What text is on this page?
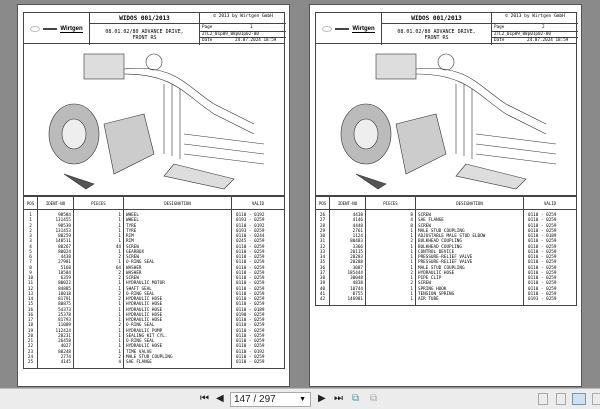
Wirtgen
WIDOS 001/2013
08.01.02/80 ADVANCE DRIVE,
FRONT RS
© 2013 by Wirtgen GmbH
Page	1
ZTL2_01p89_08p01p02-00
Date	24.07.2024 18:59
POS	IDENT-NO	PIECES	DESIGNATION	VALID
1	98584	1	WHEEL	0110 - 0192
1	131455	1	WHEEL	0193 - 0259
2	98539	1	TYRE	0110 - 0192
2	131453	1	TYRE	0193 - 0259
3	80259	1	RIM	0110 - 0244
3	148511	1	RIM	0245 - 0259
4	80267	44	SCREW	0110 - 0259
5	80024	1	GEARBOX	0110 - 0259
6	4438	2	SCREW	0110 - 0259
7	27981	1	O-RING SEAL	0110 - 0259
8	5168	64	WASHER	0110 - 0259
9	10584	2	WASHER	0110 - 0259
10	6359	2	SCREW	0110 - 0259
11	80022	1	HYDRAULIC MOTOR	0110 - 0259
12	84885	1	SHAFT SEAL	0110 - 0259
13	10018	2	O-RING SEAL	0110 - 0259
14	81791	2	HYDRAULIC HOSE	0110 - 0259
15	80875	1	HYDRAULIC HOSE	0110 - 0259
16	54373	1	HYDRAULIC HOSE	0110 - 0189
16	25378	1	HYDRAULIC HOSE	0190 - 0259
17	81793	1	HYDRAULIC HOSE	0110 - 0259
18	11089	2	O-RING SEAL	0110 - 0259
19	112424	1	HYDRAULIC PUMP	0110 - 0259
20	28231	1	SEALING KIT CYL.	0110 - 0259
21	26458	1	O-RING SEAL	0110 - 0259
22	4027	1	HYDRAULIC HOSE	0110 - 0259
23	80248	1	TIME VALVE	0110 - 0192
24	2774	2	MALE STUD COUPLING	0110 - 0259
25	4145	4	SAE FLANGE	0110 - 0259
Wirtgen
WIDOS 001/2013
08.01.02/80 ADVANCE DRIVE,
FRONT RS
© 2013 by Wirtgen GmbH
Page	2
ZTL2_01p89_08p01p02-00
Date	24.07.2024 18:59
POS	IDENT-NO	PIECES	DESIGNATION	VALID
26	4438	8	SCREW	0110 - 0259
27	4146	4	SAE FLANGE	0110 - 0259
28	4448	8	SCREW	0110 - 0259
29	2761	1	MALE STUD COUPLING	0110 - 0259
30	1124	1	ADJUSTABLE MALE STUD ELBOW	0110 - 0189
31	80483	2	BULKHEAD COUPLING	0110 - 0259
32	3366	1	BULKHEAD COUPLING	0110 - 0259
33	20115	1	CONTROL DEVICE	0110 - 0259
34	20283	1	PRESSURE-RELIEF VALVE	0110 - 0259
35	20288	1	PRESSURE-RELIEF VALVE	0110 - 0259
36	3087	1	MALE STUD COUPLING	0110 - 0259
37	185444	2	HYDRAULIC HOSE	0110 - 0259
38	30048	1	PIPE CLIP	0110 - 0259
39	4838	2	SCREW	0110 - 0259
40	10744	1	SPRING HOOK	0110 - 0259
41	8755	1	TENSION SPRING	0110 - 0259
42	146981	1	AIR TUBE	0193 - 0259
⏮ ◀	147 / 297	▼ ▶ ⏭ ⧉ ⧉
